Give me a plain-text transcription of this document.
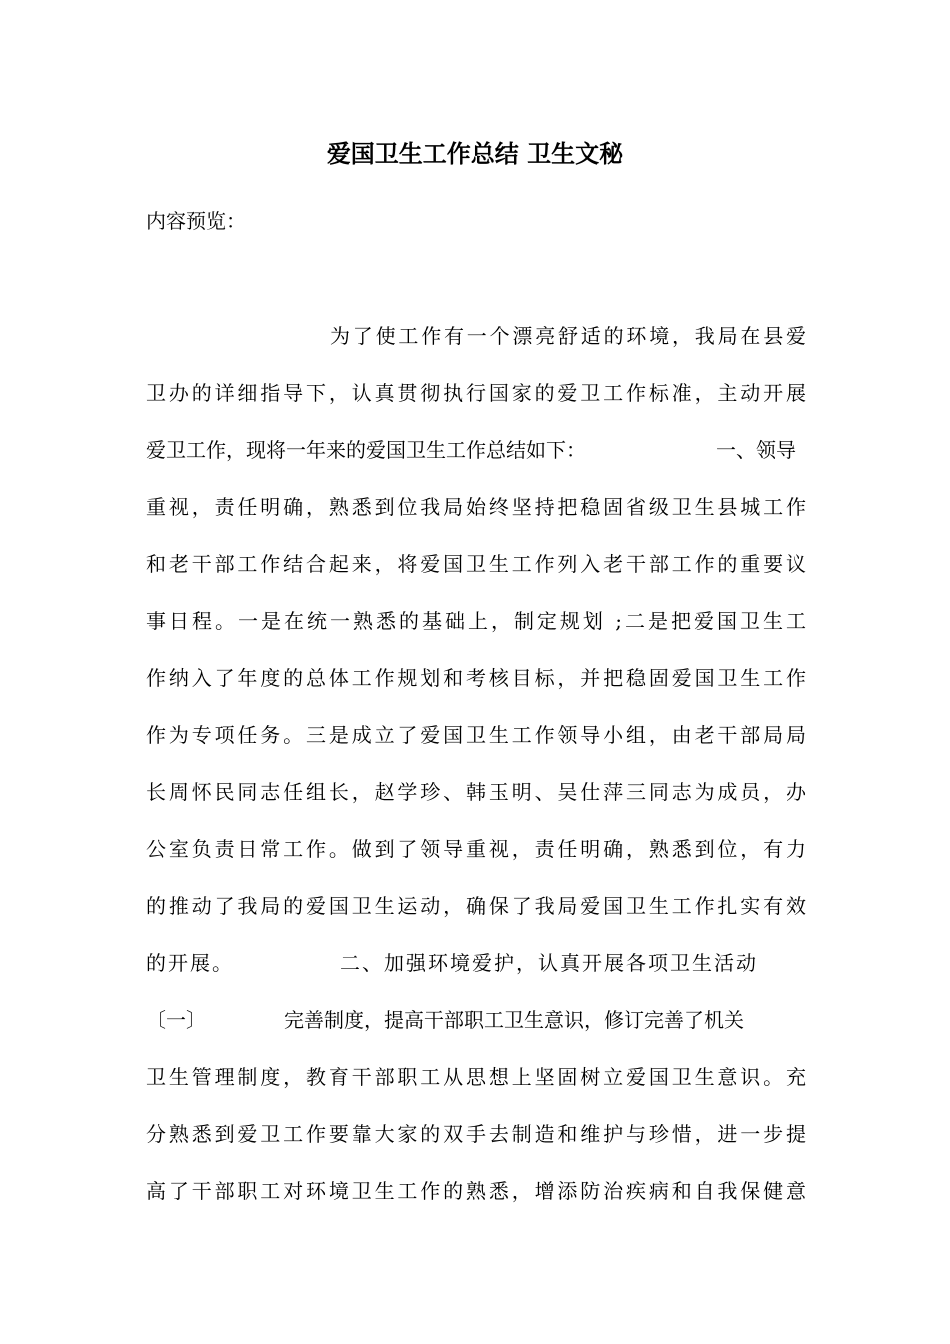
爱国卫生工作总结 卫生文秘
内容预览：
为了使工作有一个漂亮舒适的环境，我局在县爱
卫办的详细指导下，认真贯彻执行国家的爱卫工作标准，主动开展
爱卫工作，现将一年来的爱国卫生工作总结如下：	一、领导
重视，责任明确，熟悉到位我局始终坚持把稳固省级卫生县城工作
和老干部工作结合起来，将爱国卫生工作列入老干部工作的重要议
事日程。一是在统一熟悉的基础上，制定规划 ;二是把爱国卫生工
作纳入了年度的总体工作规划和考核目标，并把稳固爱国卫生工作
作为专项任务。三是成立了爱国卫生工作领导小组，由老干部局局
长周怀民同志任组长，赵学珍、韩玉明、吴仕萍三同志为成员，办
公室负责日常工作。做到了领导重视，责任明确，熟悉到位，有力
的推动了我局的爱国卫生运动，确保了我局爱国卫生工作扎实有效
的开展。	二、加强环境爱护，认真开展各项卫生活动
〔一〕	完善制度，提高干部职工卫生意识，修订完善了机关
卫生管理制度，教育干部职工从思想上坚固树立爱国卫生意识。充
分熟悉到爱卫工作要靠大家的双手去制造和维护与珍惜，进一步提
高了干部职工对环境卫生工作的熟悉，增添防治疾病和自我保健意
